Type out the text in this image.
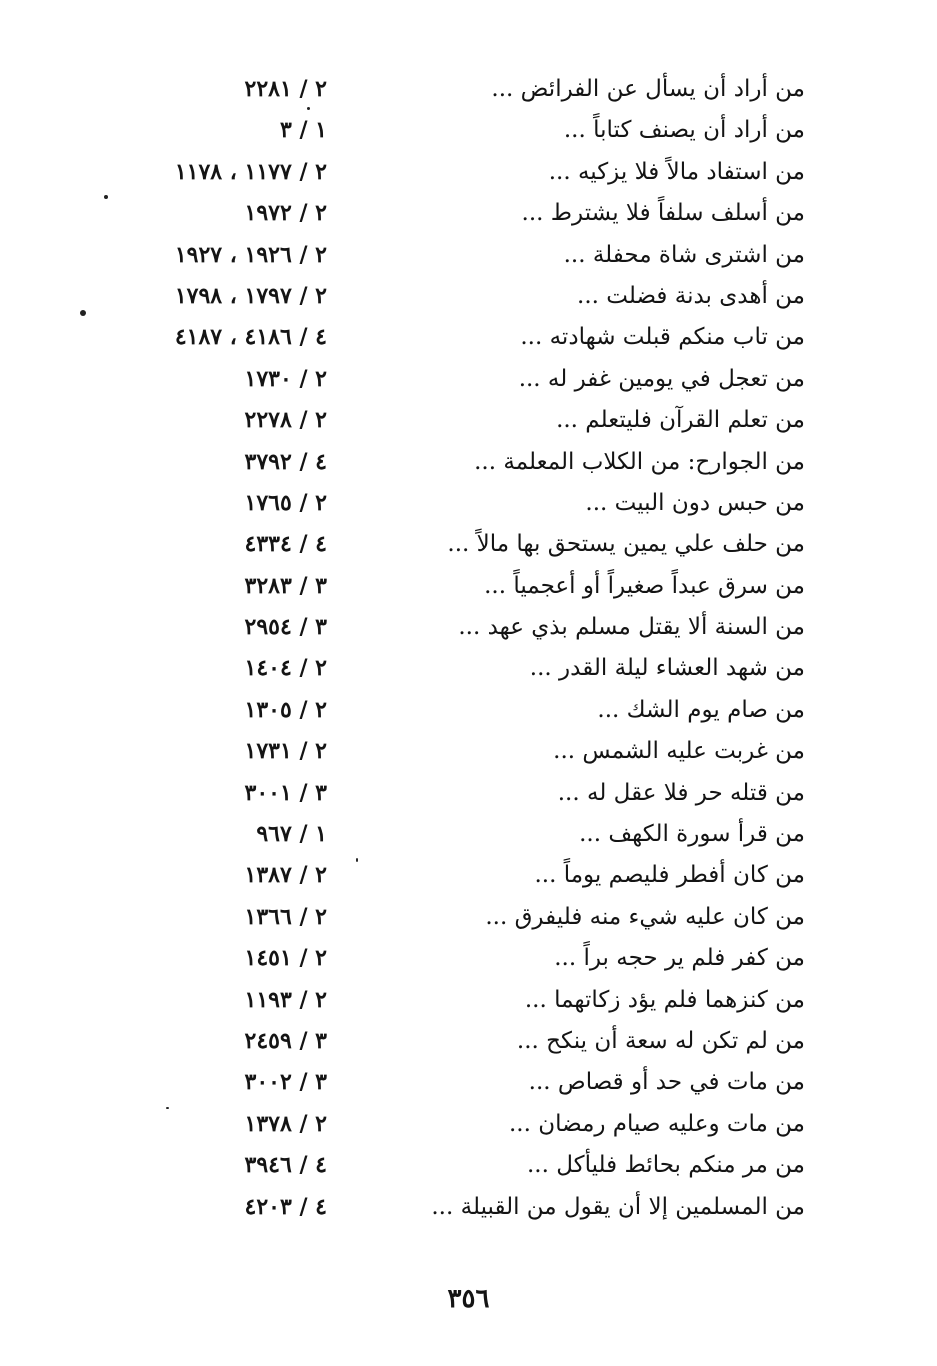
من أراد أن يسأل عن الفرائض ...
٢ / ٢٢٨١
من أراد أن يصنف كتاباً ...
١ / ٣
من استفاد مالاً فلا يزكيه ...
٢ / ١١٧٧ ، ١١٧٨
من أسلف سلفاً فلا يشترط ...
٢ / ١٩٧٢
من اشترى شاة محفلة ...
٢ / ١٩٢٦ ، ١٩٢٧
من أهدى بدنة فضلت ...
٢ / ١٧٩٧ ، ١٧٩٨
من تاب منكم قبلت شهادته ...
٤ / ٤١٨٦ ، ٤١٨٧
من تعجل في يومين غفر له ...
٢ / ١٧٣٠
من تعلم القرآن فليتعلم ...
٢ / ٢٢٧٨
من الجوارح: من الكلاب المعلمة ...
٤ / ٣٧٩٢
من حبس دون البيت ...
٢ / ١٧٦٥
من حلف علي يمين يستحق بها مالاً ...
٤ / ٤٣٣٤
من سرق عبداً صغيراً أو أعجمياً ...
٣ / ٣٢٨٣
من السنة ألا يقتل مسلم بذي عهد ...
٣ / ٢٩٥٤
من شهد العشاء ليلة القدر ...
٢ / ١٤٠٤
من صام يوم الشك ...
٢ / ١٣٠٥
من غربت عليه الشمس ...
٢ / ١٧٣١
من قتله حر فلا عقل له ...
٣ / ٣٠٠١
من قرأ سورة الكهف ...
١ / ٩٦٧
من كان أفطر فليصم يوماً ...
٢ / ١٣٨٧
من كان عليه شيء منه فليفرق ...
٢ / ١٣٦٦
من كفر فلم ير حجه براً ...
٢ / ١٤٥١
من كنزهما فلم يؤد زكاتهما ...
٢ / ١١٩٣
من لم تكن له سعة أن ينكح ...
٣ / ٢٤٥٩
من مات في حد أو قصاص ...
٣ / ٣٠٠٢
من مات وعليه صيام رمضان ...
٢ / ١٣٧٨
من مر منكم بحائط فليأكل ...
٤ / ٣٩٤٦
من المسلمين إلا أن يقول من القبيلة ...
٤ / ٤٢٠٣
٣٥٦
